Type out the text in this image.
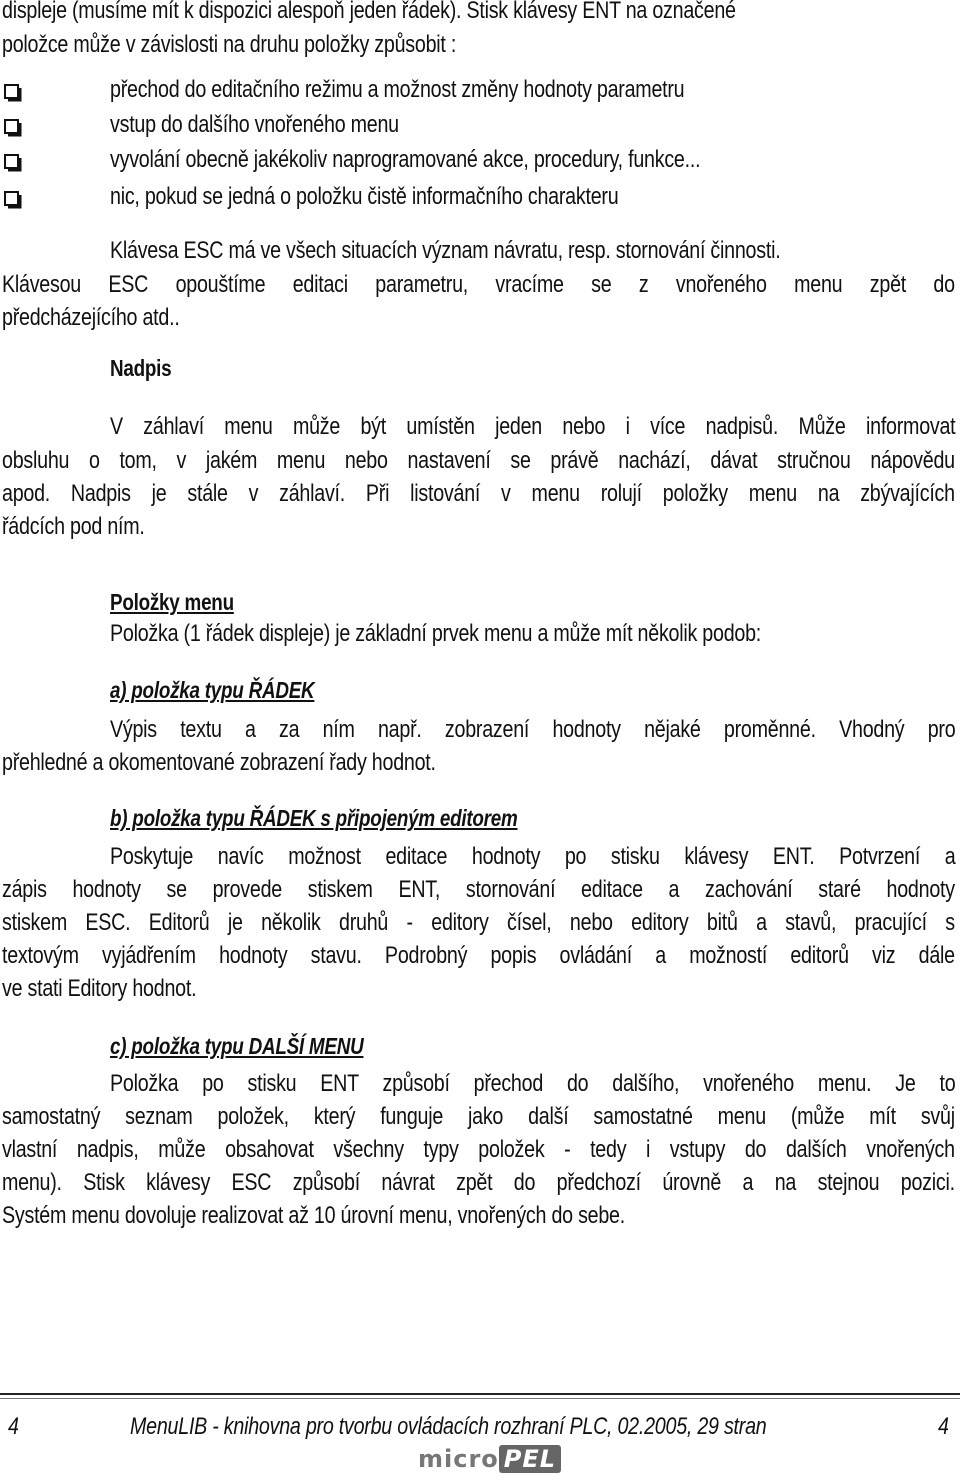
displeje (musíme mít k dispozici alespoň jeden řádek). Stisk klávesy ENT na označené
položce může v závislosti na druhu položky způsobit :
přechod do editačního režimu a možnost změny hodnoty parametru
vstup do dalšího vnořeného menu
vyvolání obecně jakékoliv naprogramované akce, procedury, funkce...
nic, pokud se jedná o položku čistě informačního charakteru
Klávesa ESC má ve všech situacích význam návratu, resp. stornování činnosti.
Klávesou ESC opouštíme editaci parametru, vracíme se z vnořeného menu zpět do
předcházejícího atd..
Nadpis
V záhlaví menu může být umístěn jeden nebo i více nadpisů. Může informovat
obsluhu o tom, v jakém menu nebo nastavení se právě nachází, dávat stručnou nápovědu
apod. Nadpis je stále v záhlaví. Při listování v menu rolují položky menu na zbývajících
řádcích pod ním.
Položky menu
Položka (1 řádek displeje) je základní prvek menu a může mít několik podob:
a) položka typu ŘÁDEK
Výpis textu a za ním např. zobrazení hodnoty nějaké proměnné. Vhodný pro
přehledné a okomentované zobrazení řady hodnot.
b) položka typu ŘÁDEK s připojeným editorem
Poskytuje navíc možnost editace hodnoty po stisku klávesy ENT. Potvrzení a
zápis hodnoty se provede stiskem ENT, stornování editace a zachování staré hodnoty
stiskem ESC. Editorů je několik druhů - editory čísel, nebo editory bitů a stavů, pracující s
textovým vyjádřením hodnoty stavu. Podrobný popis ovládání a možností editorů viz dále
ve stati Editory hodnot.
c) položka typu DALŠÍ MENU
Položka po stisku ENT způsobí přechod do dalšího, vnořeného menu. Je to
samostatný seznam položek, který funguje jako další samostatné menu (může mít svůj
vlastní nadpis, může obsahovat všechny typy položek - tedy i vstupy do dalších vnořených
menu). Stisk klávesy ESC způsobí návrat zpět do předchozí úrovně a na stejnou pozici.
Systém menu dovoluje realizovat až 10 úrovní menu, vnořených do sebe.
4	MenuLIB - knihovna pro tvorbu ovládacích rozhraní PLC, 02.2005, 29 stran	4
micro PEL
